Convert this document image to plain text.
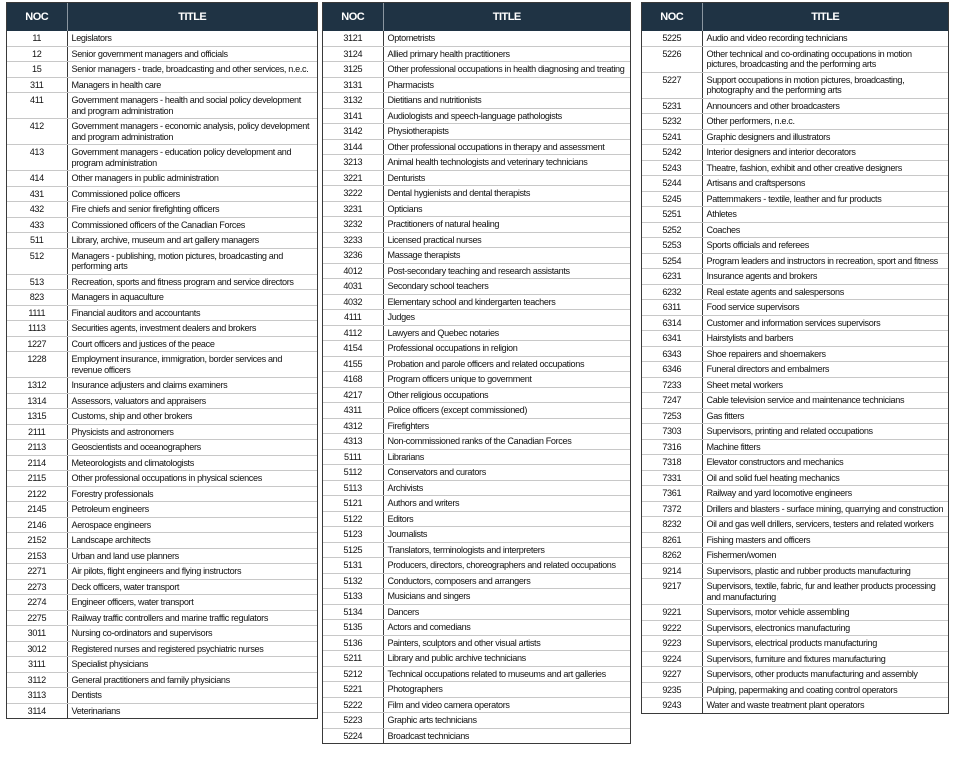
NOC	TITLE
11	Legislators
12	Senior government managers and officials
15	Senior managers - trade, broadcasting and other services, n.e.c.
311	Managers in health care
411	Government managers - health and social policy development and program administration
412	Government managers - economic analysis, policy development and program administration
413	Government managers - education policy development and program administration
414	Other managers in public administration
431	Commissioned police officers
432	Fire chiefs and senior firefighting officers
433	Commissioned officers of the Canadian Forces
511	Library, archive, museum and art gallery managers
512	Managers - publishing, motion pictures, broadcasting and performing arts
513	Recreation, sports and fitness program and service directors
823	Managers in aquaculture
1111	Financial auditors and accountants
1113	Securities agents, investment dealers and brokers
1227	Court officers and justices of the peace
1228	Employment insurance, immigration, border services and revenue officers
1312	Insurance adjusters and claims examiners
1314	Assessors, valuators and appraisers
1315	Customs, ship and other brokers
2111	Physicists and astronomers
2113	Geoscientists and oceanographers
2114	Meteorologists and climatologists
2115	Other professional occupations in physical sciences
2122	Forestry professionals
2145	Petroleum engineers
2146	Aerospace engineers
2152	Landscape architects
2153	Urban and land use planners
2271	Air pilots, flight engineers and flying instructors
2273	Deck officers, water transport
2274	Engineer officers, water transport
2275	Railway traffic controllers and marine traffic regulators
3011	Nursing co-ordinators and supervisors
3012	Registered nurses and registered psychiatric nurses
3111	Specialist physicians
3112	General practitioners and family physicians
3113	Dentists
3114	Veterinarians
NOC	TITLE
3121	Optometrists
3124	Allied primary health practitioners
3125	Other professional occupations in health diagnosing and treating
3131	Pharmacists
3132	Dietitians and nutritionists
3141	Audiologists and speech-language pathologists
3142	Physiotherapists
3144	Other professional occupations in therapy and assessment
3213	Animal health technologists and veterinary technicians
3221	Denturists
3222	Dental hygienists and dental therapists
3231	Opticians
3232	Practitioners of natural healing
3233	Licensed practical nurses
3236	Massage therapists
4012	Post-secondary teaching and research assistants
4031	Secondary school teachers
4032	Elementary school and kindergarten teachers
4111	Judges
4112	Lawyers and Quebec notaries
4154	Professional occupations in religion
4155	Probation and parole officers and related occupations
4168	Program officers unique to government
4217	Other religious occupations
4311	Police officers (except commissioned)
4312	Firefighters
4313	Non-commissioned ranks of the Canadian Forces
5111	Librarians
5112	Conservators and curators
5113	Archivists
5121	Authors and writers
5122	Editors
5123	Journalists
5125	Translators, terminologists and interpreters
5131	Producers, directors, choreographers and related occupations
5132	Conductors, composers and arrangers
5133	Musicians and singers
5134	Dancers
5135	Actors and comedians
5136	Painters, sculptors and other visual artists
5211	Library and public archive technicians
5212	Technical occupations related to museums and art galleries
5221	Photographers
5222	Film and video camera operators
5223	Graphic arts technicians
5224	Broadcast technicians
NOC	TITLE
5225	Audio and video recording technicians
5226	Other technical and co-ordinating occupations in motion pictures, broadcasting and the performing arts
5227	Support occupations in motion pictures, broadcasting, photography and the performing arts
5231	Announcers and other broadcasters
5232	Other performers, n.e.c.
5241	Graphic designers and illustrators
5242	Interior designers and interior decorators
5243	Theatre, fashion, exhibit and other creative designers
5244	Artisans and craftspersons
5245	Patternmakers - textile, leather and fur products
5251	Athletes
5252	Coaches
5253	Sports officials and referees
5254	Program leaders and instructors in recreation, sport and fitness
6231	Insurance agents and brokers
6232	Real estate agents and salespersons
6311	Food service supervisors
6314	Customer and information services supervisors
6341	Hairstylists and barbers
6343	Shoe repairers and shoemakers
6346	Funeral directors and embalmers
7233	Sheet metal workers
7247	Cable television service and maintenance technicians
7253	Gas fitters
7303	Supervisors, printing and related occupations
7316	Machine fitters
7318	Elevator constructors and mechanics
7331	Oil and solid fuel heating mechanics
7361	Railway and yard locomotive engineers
7372	Drillers and blasters - surface mining, quarrying and construction
8232	Oil and gas well drillers, servicers, testers and related workers
8261	Fishing masters and officers
8262	Fishermen/women
9214	Supervisors, plastic and rubber products manufacturing
9217	Supervisors, textile, fabric, fur and leather products processing and manufacturing
9221	Supervisors, motor vehicle assembling
9222	Supervisors, electronics manufacturing
9223	Supervisors, electrical products manufacturing
9224	Supervisors, furniture and fixtures manufacturing
9227	Supervisors, other products manufacturing and assembly
9235	Pulping, papermaking and coating control operators
9243	Water and waste treatment plant operators
